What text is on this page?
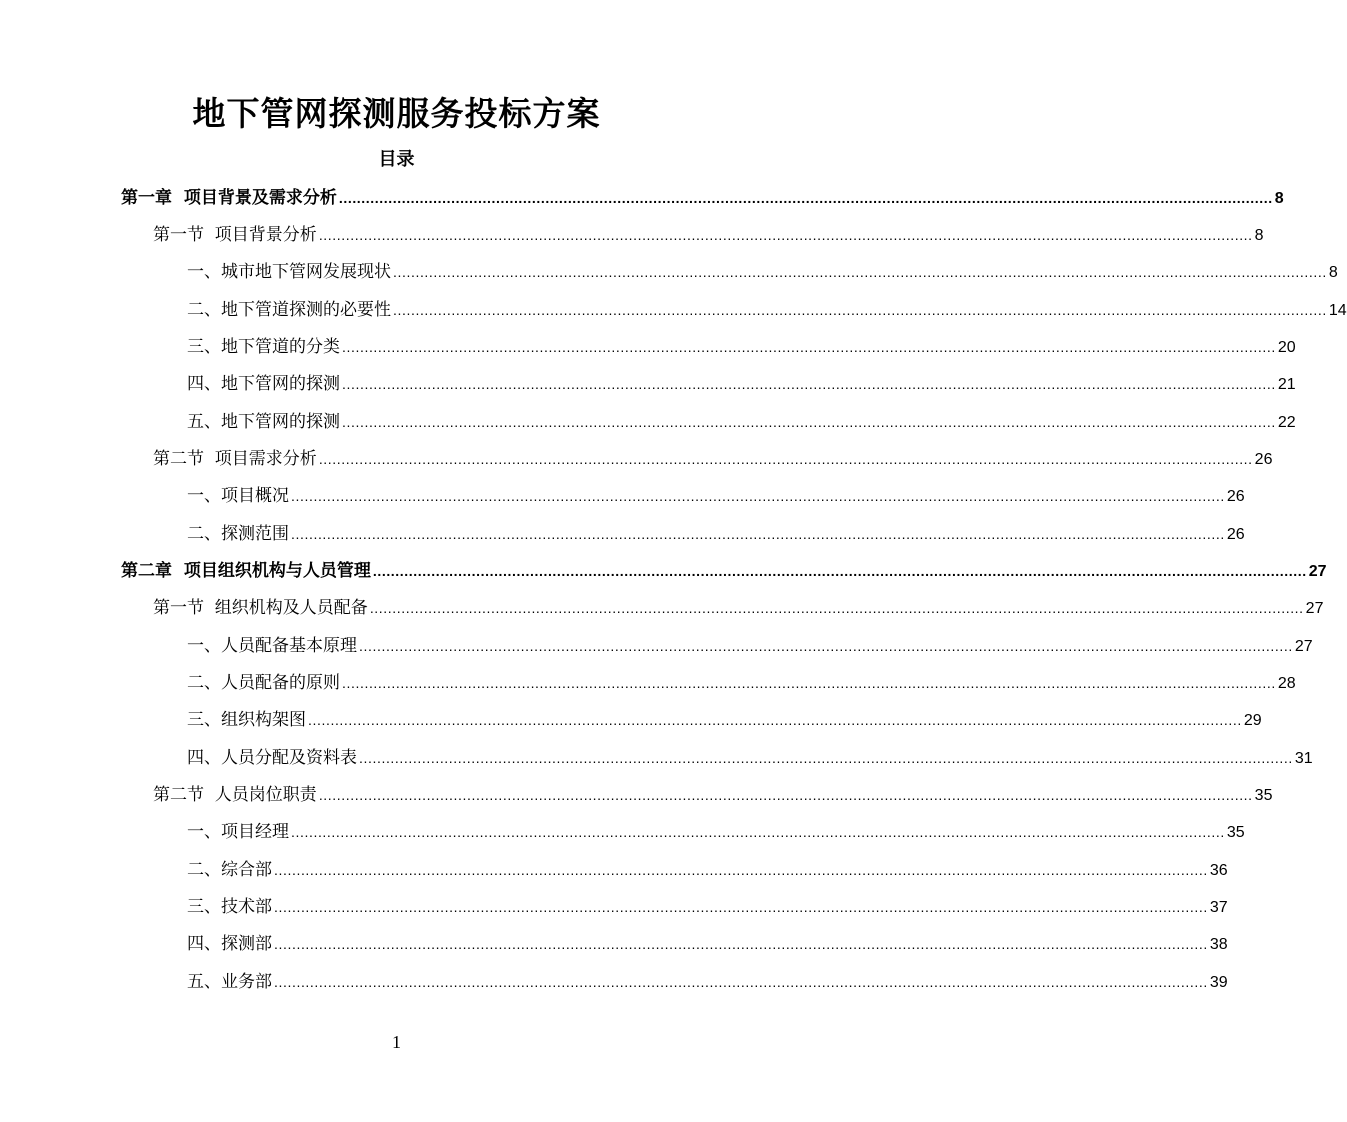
地下管网探测服务投标方案
目录
第一章  项目背景及需求分析 ................................................................................................................................................................................................................ 8
第一节  项目背景分析 ................................................................................................................................................................................................................ 8
一、城市地下管网发展现状 ................................................................................................................................................................................................................ 8
二、地下管道探测的必要性 ................................................................................................................................................................................................................ 14
三、地下管道的分类 ................................................................................................................................................................................................................ 20
四、地下管网的探测 ................................................................................................................................................................................................................ 21
五、地下管网的探测 ................................................................................................................................................................................................................ 22
第二节  项目需求分析 ................................................................................................................................................................................................................ 26
一、项目概况 ................................................................................................................................................................................................................ 26
二、探测范围 ................................................................................................................................................................................................................ 26
第二章  项目组织机构与人员管理 ................................................................................................................................................................................................................ 27
第一节  组织机构及人员配备 ................................................................................................................................................................................................................ 27
一、人员配备基本原理 ................................................................................................................................................................................................................ 27
二、人员配备的原则 ................................................................................................................................................................................................................ 28
三、组织构架图 ................................................................................................................................................................................................................ 29
四、人员分配及资料表 ................................................................................................................................................................................................................ 31
第二节  人员岗位职责 ................................................................................................................................................................................................................ 35
一、项目经理 ................................................................................................................................................................................................................ 35
二、综合部 ................................................................................................................................................................................................................ 36
三、技术部 ................................................................................................................................................................................................................ 37
四、探测部 ................................................................................................................................................................................................................ 38
五、业务部 ................................................................................................................................................................................................................ 39
1
